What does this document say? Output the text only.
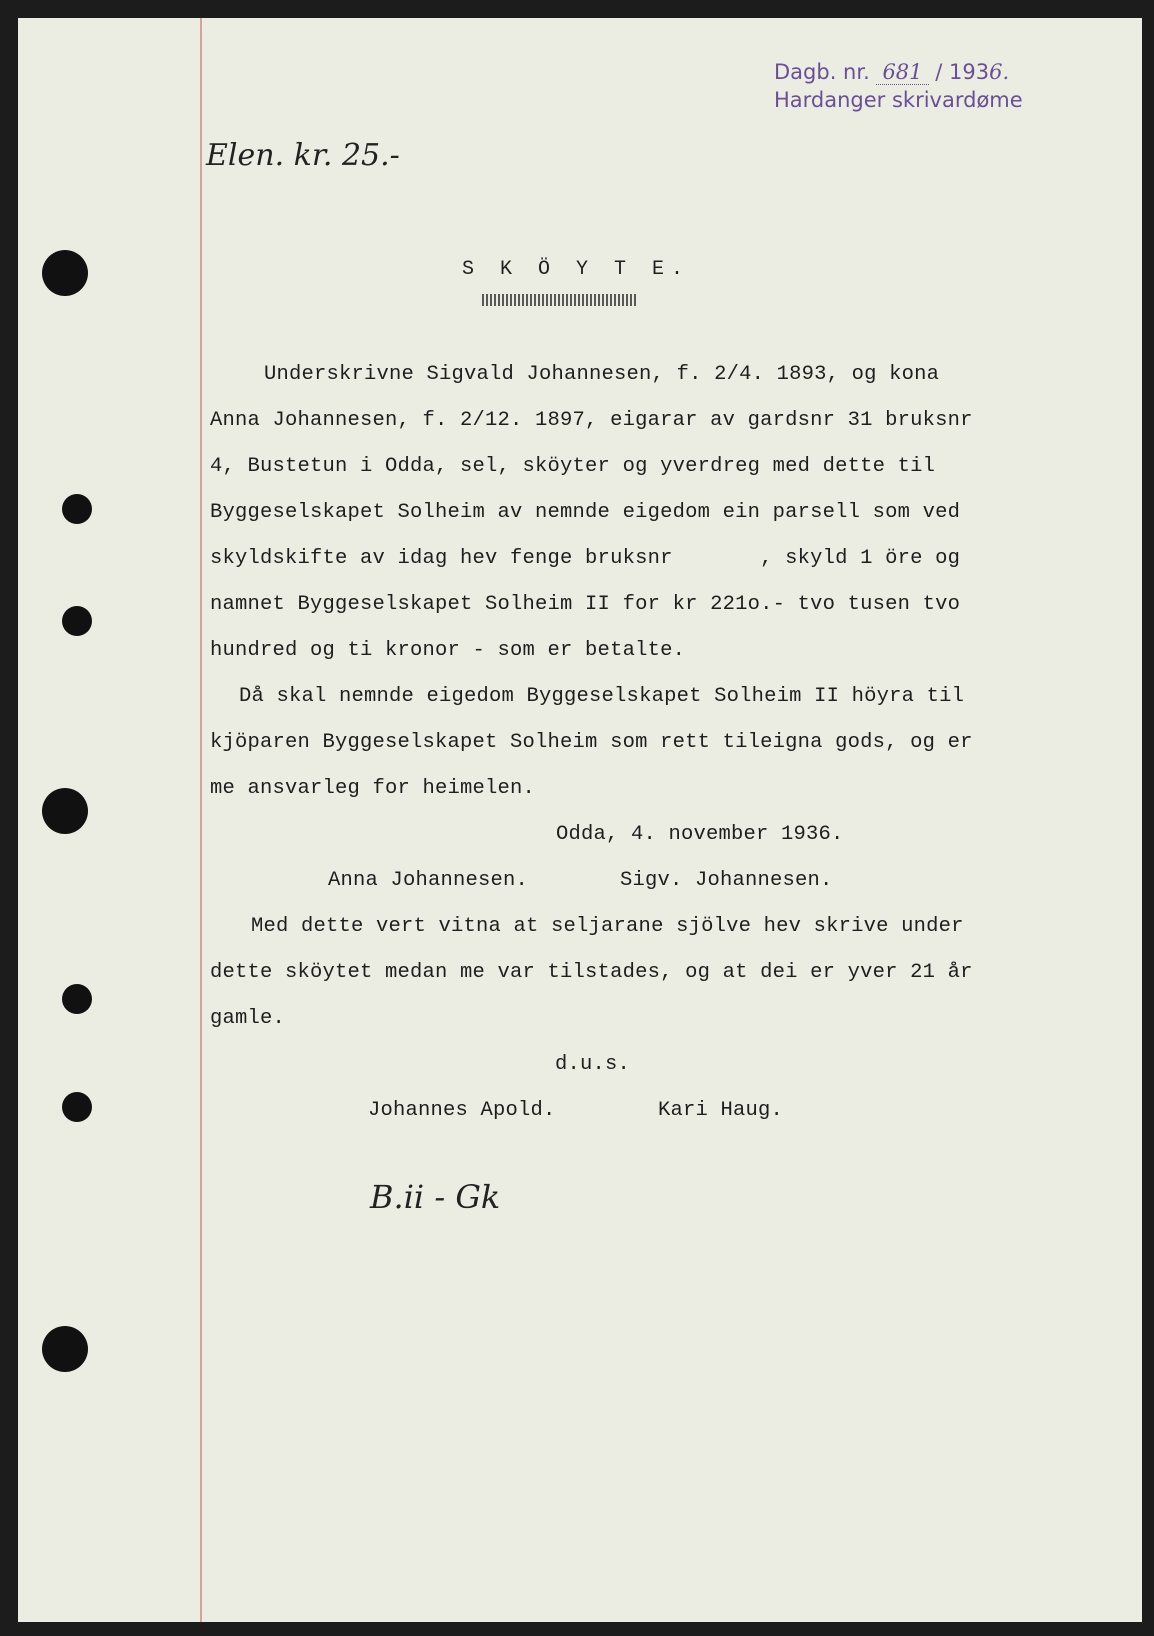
Dagb. nr. 681 / 1936.
Hardanger skrivardøme
Elen. kr. 25.-
S K Ö Y T E.
Underskrivne Sigvald Johannesen, f. 2/4. 1893, og kona
Anna Johannesen, f. 2/12. 1897, eigarar av gardsnr 31 bruksnr
4, Bustetun i Odda, sel, sköyter og yverdreg med dette til
Byggeselskapet Solheim av nemnde eigedom ein parsell som ved
skyldskifte av idag hev fenge bruksnr       , skyld 1 öre og
namnet Byggeselskapet Solheim II for kr 221o.- tvo tusen tvo
hundred og ti kronor - som er betalte.
Då skal nemnde eigedom Byggeselskapet Solheim II höyra til
kjöparen Byggeselskapet Solheim som rett tileigna gods, og er
me ansvarleg for heimelen.
Odda, 4. november 1936.
Anna Johannesen.	Sigv. Johannesen.
Med dette vert vitna at seljarane sjölve hev skrive under
dette sköytet medan me var tilstades, og at dei er yver 21 år
gamle.
d.u.s.
Johannes Apold.	Kari Haug.
B.ii - Gk
